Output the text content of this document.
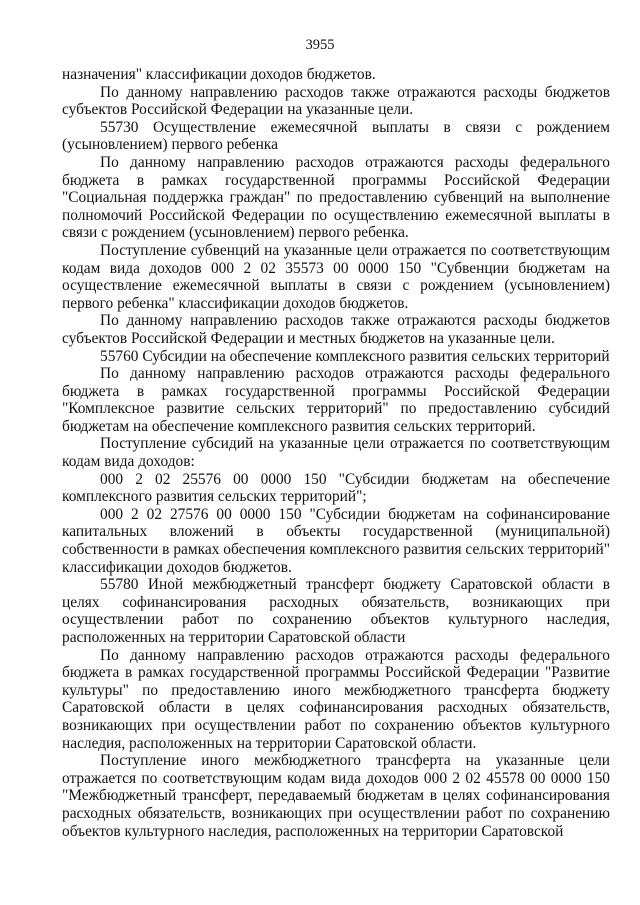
3955

назначения" классификации доходов бюджетов.

По данному направлению расходов также отражаются расходы бюджетов субъектов Российской Федерации на указанные цели.

55730 Осуществление ежемесячной выплаты в связи с рождением (усыновлением) первого ребенка

По данному направлению расходов отражаются расходы федерального бюджета в рамках государственной программы Российской Федерации "Социальная поддержка граждан" по предоставлению субвенций на выполнение полномочий Российской Федерации по осуществлению ежемесячной выплаты в связи с рождением (усыновлением) первого ребенка.

Поступление субвенций на указанные цели отражается по соответствующим кодам вида доходов 000 2 02 35573 00 0000 150 "Субвенции бюджетам на осуществление ежемесячной выплаты в связи с рождением (усыновлением) первого ребенка" классификации доходов бюджетов.

По данному направлению расходов также отражаются расходы бюджетов субъектов Российской Федерации и местных бюджетов на указанные цели.

55760 Субсидии на обеспечение комплексного развития сельских территорий

По данному направлению расходов отражаются расходы федерального бюджета в рамках государственной программы Российской Федерации "Комплексное развитие сельских территорий" по предоставлению субсидий бюджетам на обеспечение комплексного развития сельских территорий.

Поступление субсидий на указанные цели отражается по соответствующим кодам вида доходов:

000 2 02 25576 00 0000 150 "Субсидии бюджетам на обеспечение комплексного развития сельских территорий";

000 2 02 27576 00 0000 150 "Субсидии бюджетам на софинансирование капитальных вложений в объекты государственной (муниципальной) собственности в рамках обеспечения комплексного развития сельских территорий" классификации доходов бюджетов.

55780 Иной межбюджетный трансферт бюджету Саратовской области в целях софинансирования расходных обязательств, возникающих при осуществлении работ по сохранению объектов культурного наследия, расположенных на территории Саратовской области

По данному направлению расходов отражаются расходы федерального бюджета в рамках государственной программы Российской Федерации "Развитие культуры" по предоставлению иного межбюджетного трансферта бюджету Саратовской области в целях софинансирования расходных обязательств, возникающих при осуществлении работ по сохранению объектов культурного наследия, расположенных на территории Саратовской области.

Поступление иного межбюджетного трансферта на указанные цели отражается по соответствующим кодам вида доходов 000 2 02 45578 00 0000 150 "Межбюджетный трансферт, передаваемый бюджетам в целях софинансирования расходных обязательств, возникающих при осуществлении работ по сохранению объектов культурного наследия, расположенных на территории Саратовской
